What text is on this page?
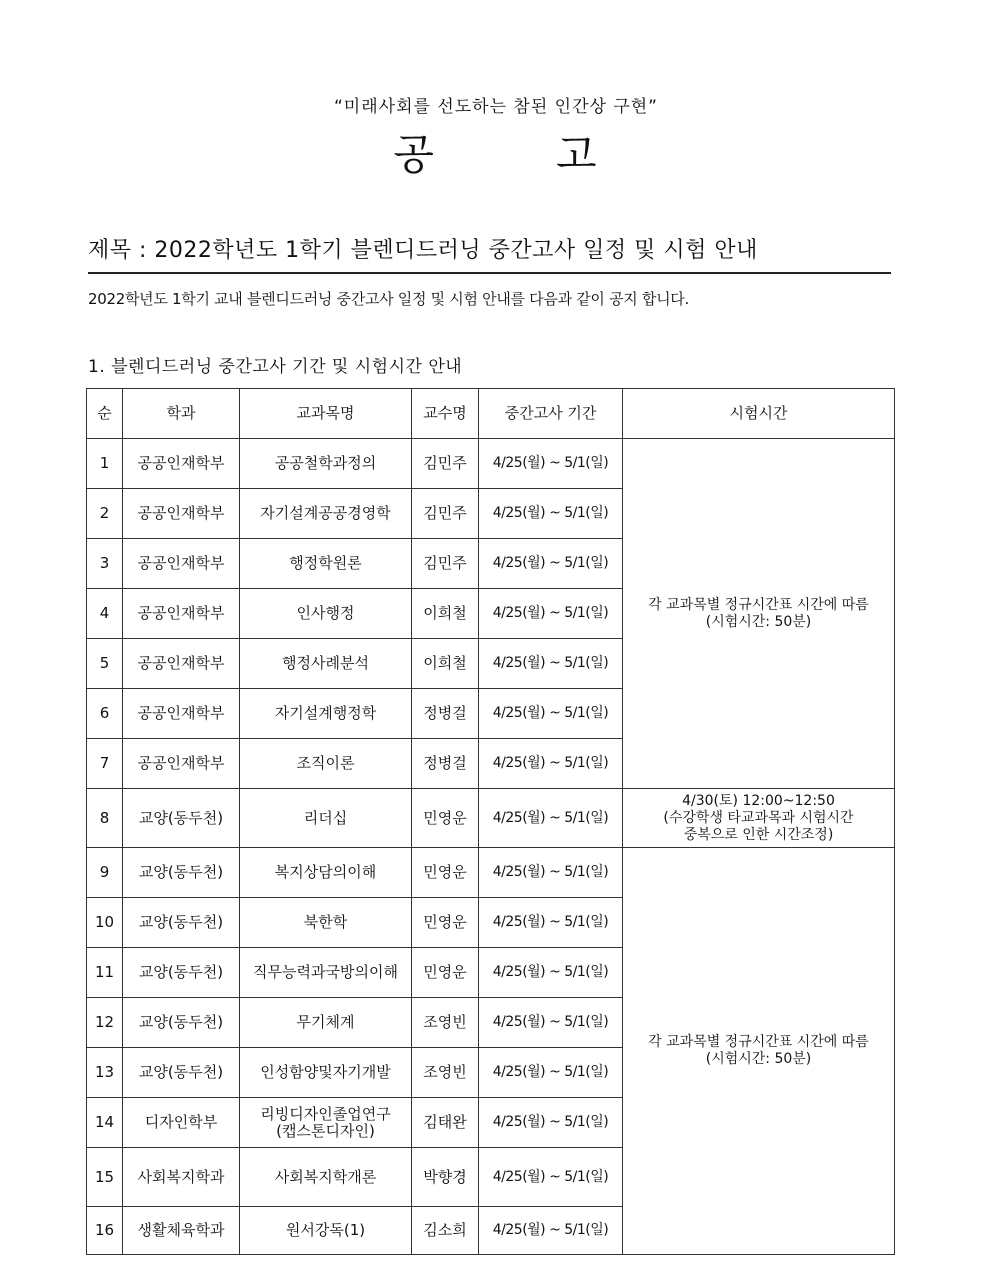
“미래사회를 선도하는 참된 인간상 구현”
공	고
제목 : 2022학년도 1학기 블렌디드러닝 중간고사 일정 및 시험 안내
2022학년도 1학기 교내 블렌디드러닝 중간고사 일정 및 시험 안내를 다음과 같이 공지 합니다.
1. 블렌디드러닝 중간고사 기간 및 시험시간 안내
순	학과	교과목명	교수명	중간고사 기간	시험시간
1	공공인재학부	공공철학과정의	김민주	4/25(월) ~ 5/1(일)	각 교과목별 정규시간표 시간에 따름
(시험시간: 50분)

2	공공인재학부	자기설계공공경영학	김민주	4/25(월) ~ 5/1(일)	
3	공공인재학부	행정학원론	김민주	4/25(월) ~ 5/1(일)	
4	공공인재학부	인사행정	이희철	4/25(월) ~ 5/1(일)	
5	공공인재학부	행정사례분석	이희철	4/25(월) ~ 5/1(일)	
6	공공인재학부	자기설계행정학	정병걸	4/25(월) ~ 5/1(일)	
7	공공인재학부	조직이론	정병걸	4/25(월) ~ 5/1(일)	
8	교양(동두천)	리더십	민영운	4/25(월) ~ 5/1(일)	4/30(토) 12:00~12:50
(수강학생 타교과목과 시험시간
중복으로 인한 시간조정)

9	교양(동두천)	복지상담의이해	민영운	4/25(월) ~ 5/1(일)	각 교과목별 정규시간표 시간에 따름
(시험시간: 50분)

10	교양(동두천)	북한학	민영운	4/25(월) ~ 5/1(일)	
11	교양(동두천)	직무능력과국방의이해	민영운	4/25(월) ~ 5/1(일)	
12	교양(동두천)	무기체계	조영빈	4/25(월) ~ 5/1(일)	
13	교양(동두천)	인성함양및자기개발	조영빈	4/25(월) ~ 5/1(일)	
14	디자인학부	리빙디자인졸업연구
(캡스톤디자인)	김태완	4/25(월) ~ 5/1(일)	
15	사회복지학과	사회복지학개론	박향경	4/25(월) ~ 5/1(일)	
16	생활체육학과	원서강독(1)	김소희	4/25(월) ~ 5/1(일)	
